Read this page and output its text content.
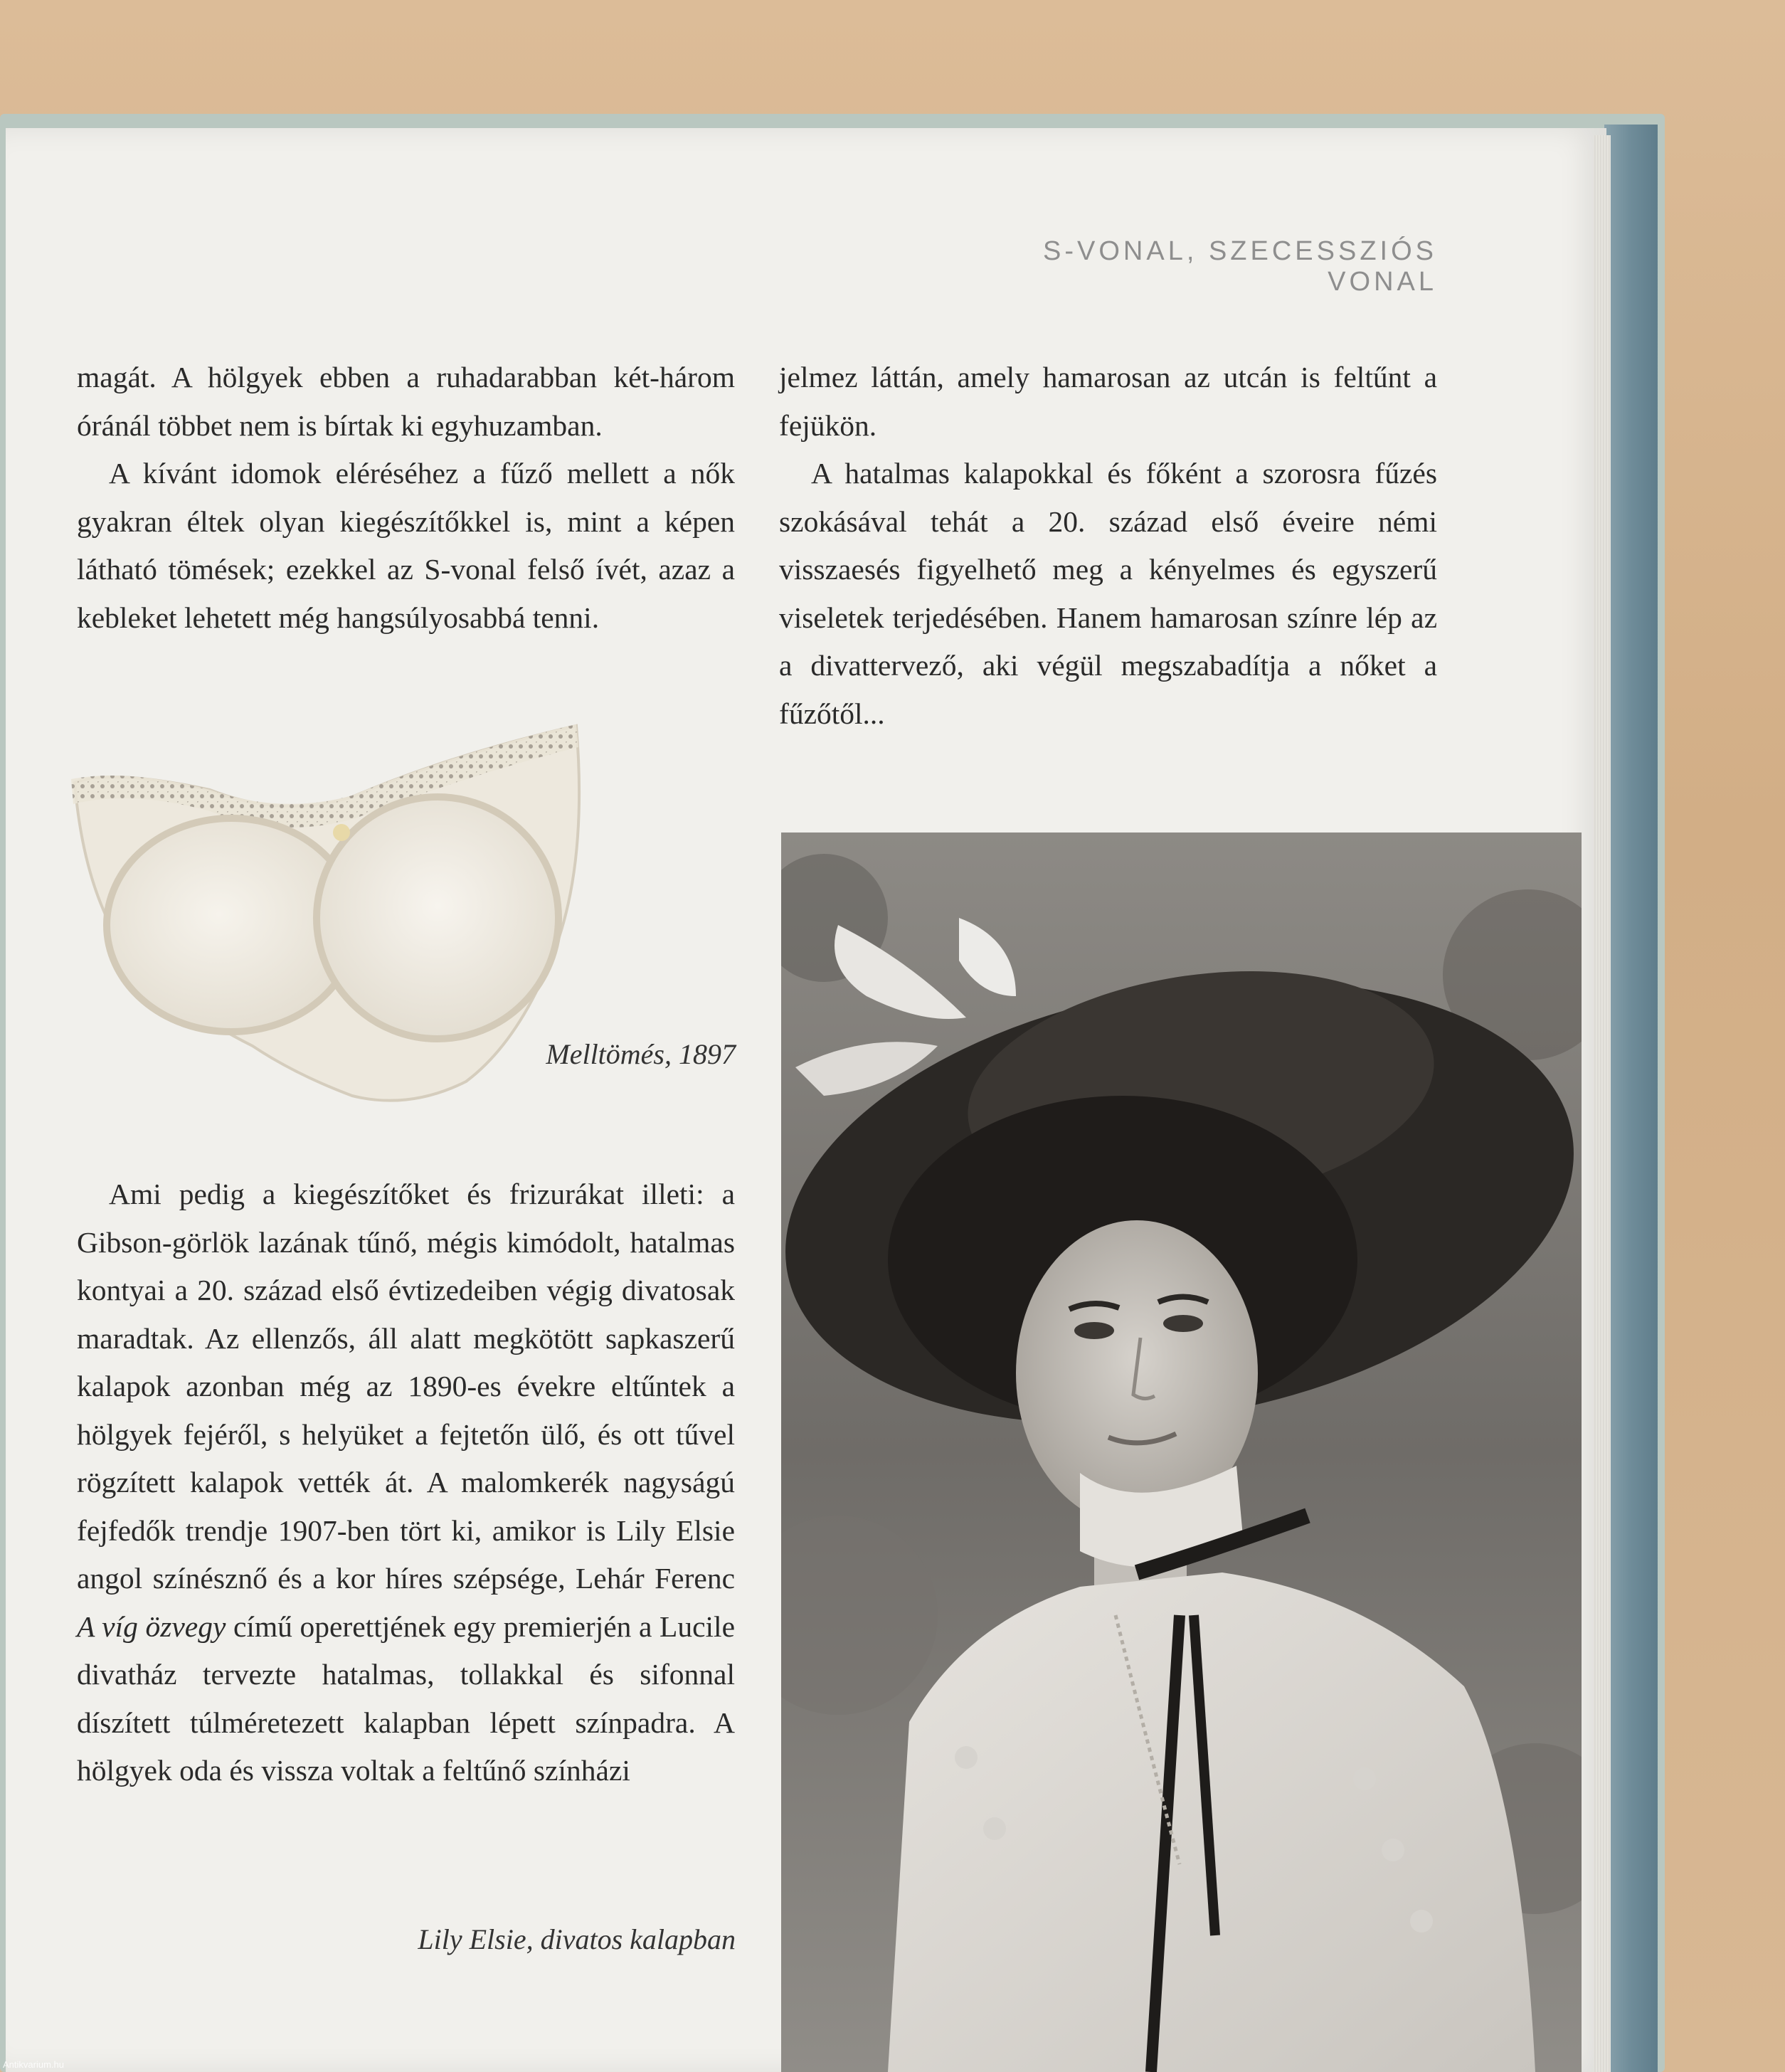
S-VONAL, SZECESSZIÓS VONAL

magát. A hölgyek ebben a ruhadarabban két-három óránál többet nem is bírtak ki egyhuzamban.

A kívánt idomok eléréséhez a fűző mellett a nők gyakran éltek olyan kiegészítőkkel is, mint a képen látható tömések; ezekkel az S-vonal felső ívét, azaz a kebleket lehetett még hangsúlyosabbá tenni.

Melltömés, 1897

Ami pedig a kiegészítőket és frizurákat illeti: a Gibson-görlök lazának tűnő, mégis kimódolt, hatalmas kontyai a 20. század első évtizedeiben végig divatosak maradtak. Az ellenzős, áll alatt megkötött sapkaszerű kalapok azonban még az 1890-es évekre eltűntek a hölgyek fejéről, s helyüket a fejtetőn ülő, és ott tűvel rögzített kalapok vették át. A malomkerék nagyságú fejfedők trendje 1907-ben tört ki, amikor is Lily Elsie angol színésznő és a kor híres szépsége, Lehár Ferenc A víg özvegy című operettjének egy premierjén a Lucile divatház tervezte hatalmas, tollakkal és sifonnal díszített túlméretezett kalapban lépett színpadra. A hölgyek oda és vissza voltak a feltűnő színházi

Lily Elsie, divatos kalapban

jelmez láttán, amely hamarosan az utcán is feltűnt a fejükön.

A hatalmas kalapokkal és főként a szorosra fűzés szokásával tehát a 20. század első éveire némi visszaesés figyelhető meg a kényelmes és egyszerű viseletek terjedésében. Hanem hamarosan színre lép az a divattervező, aki végül megszabadítja a nőket a fűzőtől...

Antikvarium.hu
